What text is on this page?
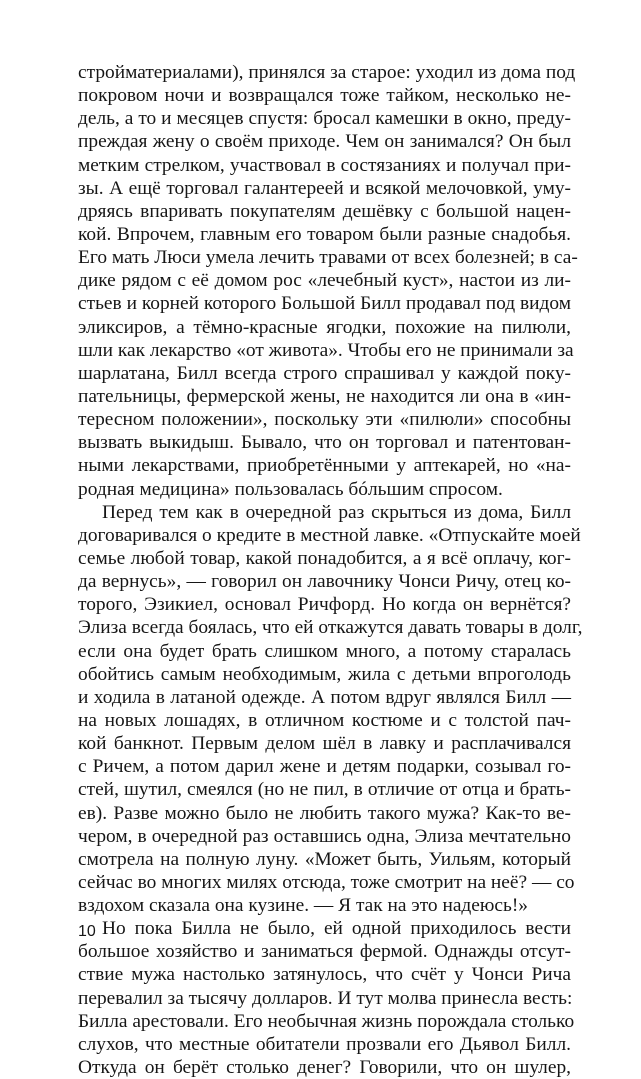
стройматериалами), принялся за старое: уходил из дома под
покровом ночи и возвращался тоже тайком, несколько не-
дель, а то и месяцев спустя: бросал камешки в окно, преду-
преждая жену о своём приходе. Чем он занимался? Он был
метким стрелком, участвовал в состязаниях и получал при-
зы. А ещё торговал галантереей и всякой мелочовкой, уму-
дряясь впаривать покупателям дешёвку с большой нацен-
кой. Впрочем, главным его товаром были разные снадобья.
Его мать Люси умела лечить травами от всех болезней; в са-
дике рядом с её домом рос «лечебный куст», настои из ли-
стьев и корней которого Большой Билл продавал под видом
эликсиров, а тёмно-красные ягодки, похожие на пилюли,
шли как лекарство «от живота». Чтобы его не принимали за
шарлатана, Билл всегда строго спрашивал у каждой поку-
пательницы, фермерской жены, не находится ли она в «ин-
тересном положении», поскольку эти «пилюли» способны
вызвать выкидыш. Бывало, что он торговал и патентован-
ными лекарствами, приобретёнными у аптекарей, но «на-
родная медицина» пользовалась бóльшим спросом.
Перед тем как в очередной раз скрыться из дома, Билл
договаривался о кредите в местной лавке. «Отпускайте моей
семье любой товар, какой понадобится, а я всё оплачу, ког-
да вернусь», — говорил он лавочнику Чонси Ричу, отец ко-
торого, Эзикиел, основал Ричфорд. Но когда он вернётся?
Элиза всегда боялась, что ей откажутся давать товары в долг,
если она будет брать слишком много, а потому старалась
обойтись самым необходимым, жила с детьми впроголодь
и ходила в латаной одежде. А потом вдруг являлся Билл —
на новых лошадях, в отличном костюме и с толстой пач-
кой банкнот. Первым делом шёл в лавку и расплачивался
с Ричем, а потом дарил жене и детям подарки, созывал го-
стей, шутил, смеялся (но не пил, в отличие от отца и брать-
ев). Разве можно было не любить такого мужа? Как-то ве-
чером, в очередной раз оставшись одна, Элиза мечтательно
смотрела на полную луну. «Может быть, Уильям, который
сейчас во многих милях отсюда, тоже смотрит на неё? — со
вздохом сказала она кузине. — Я так на это надеюсь!»
Но пока Билла не было, ей одной приходилось вести
большое хозяйство и заниматься фермой. Однажды отсут-
ствие мужа настолько затянулось, что счёт у Чонси Рича
перевалил за тысячу долларов. И тут молва принесла весть:
Билла арестовали. Его необычная жизнь порождала столько
слухов, что местные обитатели прозвали его Дьявол Билл.
Откуда он берёт столько денег? Говорили, что он шулер,
10
